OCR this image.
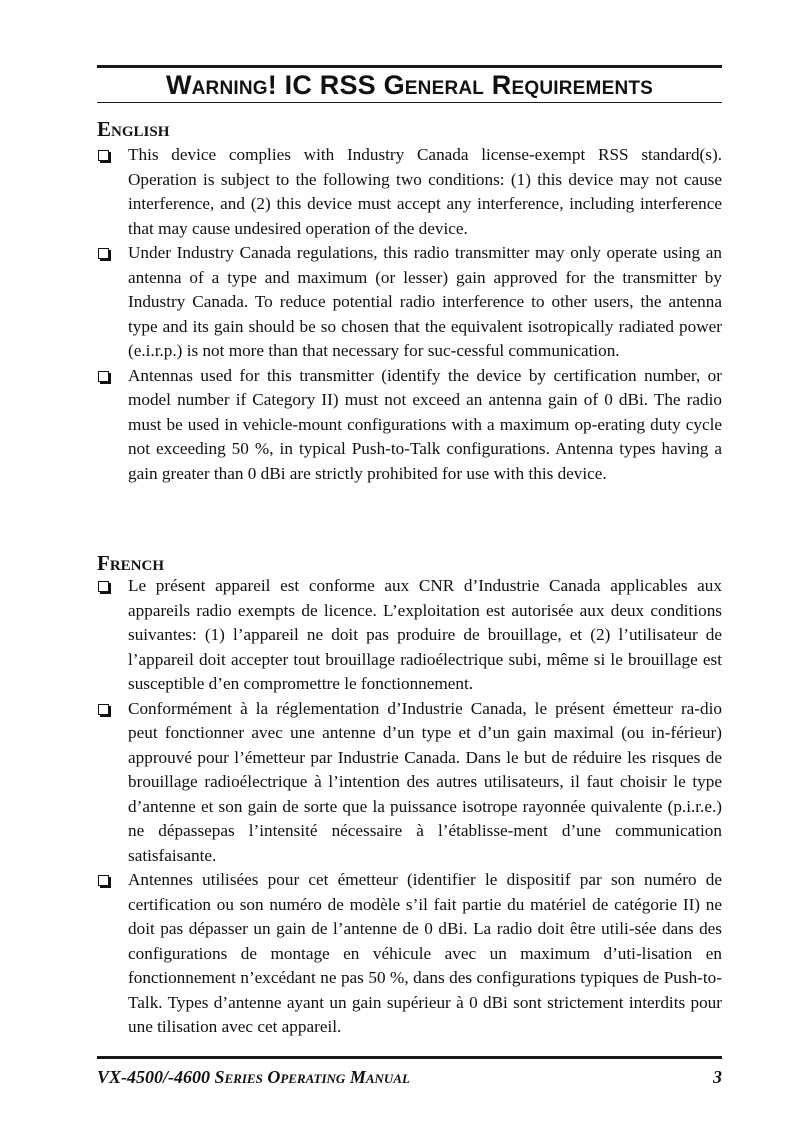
Warning! IC RSS General Requirements
English
This device complies with Industry Canada license-exempt RSS standard(s). Operation is subject to the following two conditions: (1) this device may not cause interference, and (2) this device must accept any interference, including interference that may cause undesired operation of the device.
Under Industry Canada regulations, this radio transmitter may only operate using an antenna of a type and maximum (or lesser) gain approved for the transmitter by Industry Canada. To reduce potential radio interference to other users, the antenna type and its gain should be so chosen that the equivalent isotropically radiated power (e.i.r.p.) is not more than that necessary for suc-cessful communication.
Antennas used for this transmitter (identify the device by certification number, or model number if Category II) must not exceed an antenna gain of 0 dBi. The radio must be used in vehicle-mount configurations with a maximum op-erating duty cycle not exceeding 50 %, in typical Push-to-Talk configurations. Antenna types having a gain greater than 0 dBi are strictly prohibited for use with this device.
French
Le présent appareil est conforme aux CNR d’Industrie Canada applicables aux appareils radio exempts de licence. L’exploitation est autorisée aux deux conditions suivantes: (1) l’appareil ne doit pas produire de brouillage, et (2) l’utilisateur de l’appareil doit accepter tout brouillage radioélectrique subi, même si le brouillage est susceptible d’en compromettre le fonctionnement.
Conformément à la réglementation d’Industrie Canada, le présent émetteur ra-dio peut fonctionner avec une antenne d’un type et d’un gain maximal (ou in-férieur) approuvé pour l’émetteur par Industrie Canada. Dans le but de réduire les risques de brouillage radioélectrique à l’intention des autres utilisateurs, il faut choisir le type d’antenne et son gain de sorte que la puissance isotrope rayonnée quivalente (p.i.r.e.) ne dépassepas l’intensité nécessaire à l’établisse-ment d’une communication satisfaisante.
Antennes utilisées pour cet émetteur (identifier le dispositif par son numéro de certification ou son numéro de modèle s’il fait partie du matériel de catégorie II) ne doit pas dépasser un gain de l’antenne de 0 dBi. La radio doit être utili-sée dans des configurations de montage en véhicule avec un maximum d’uti-lisation en fonctionnement n’excédant ne pas 50 %, dans des configurations typiques de Push-to-Talk. Types d’antenne ayant un gain supérieur à 0 dBi sont strictement interdits pour une tilisation avec cet appareil.
VX-4500/-4600 Series Operating Manual	3
